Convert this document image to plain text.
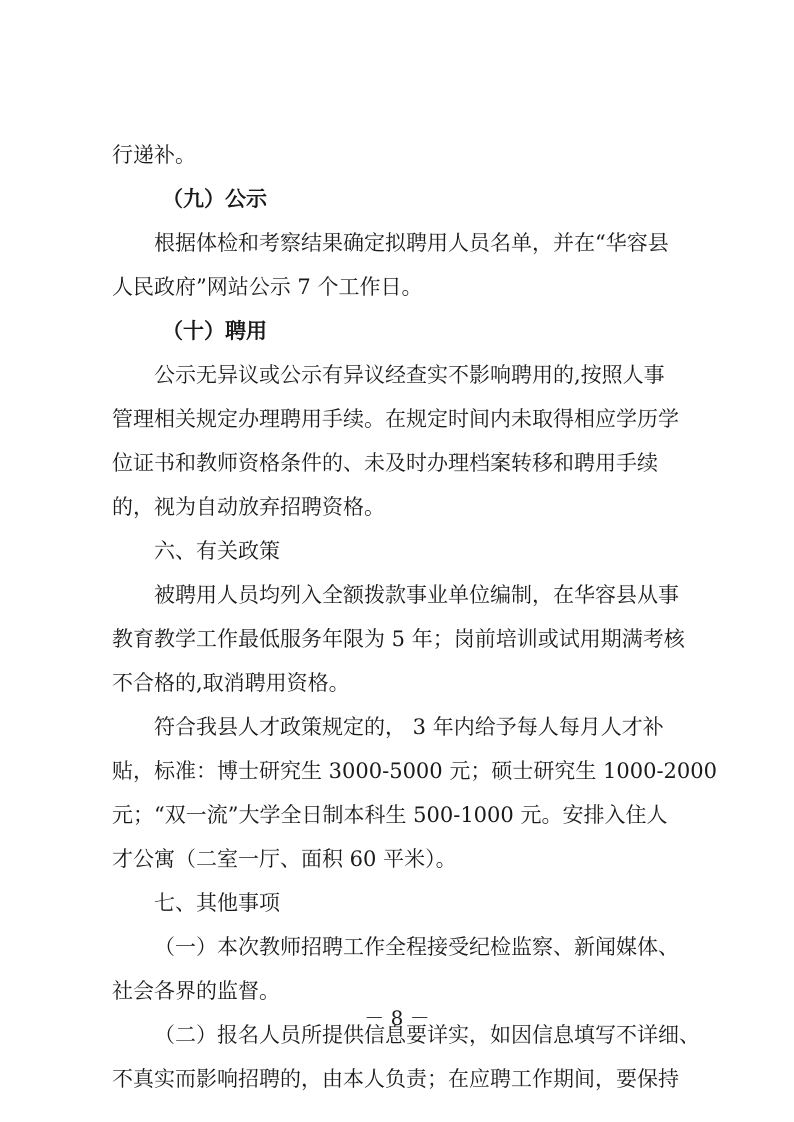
行递补。
（九）公示
根据体检和考察结果确定拟聘用人员名单，并在“华容县
人民政府”网站公示 7 个工作日。
（十）聘用
公示无异议或公示有异议经查实不影响聘用的,按照人事
管理相关规定办理聘用手续。在规定时间内未取得相应学历学
位证书和教师资格条件的、未及时办理档案转移和聘用手续
的，视为自动放弃招聘资格。
六、有关政策
被聘用人员均列入全额拨款事业单位编制，在华容县从事
教育教学工作最低服务年限为 5 年；岗前培训或试用期满考核
不合格的,取消聘用资格。
符合我县人才政策规定的， 3 年内给予每人每月人才补
贴，标准：博士研究生 3000-5000 元；硕士研究生 1000-2000
元；“双一流”大学全日制本科生 500-1000 元。安排入住人
才公寓（二室一厅、面积 60 平米）。
七、其他事项
（一）本次教师招聘工作全程接受纪检监察、新闻媒体、
社会各界的监督。
（二）报名人员所提供信息要详实，如因信息填写不详细、
不真实而影响招聘的，由本人负责；在应聘工作期间，要保持
－ 8 －
